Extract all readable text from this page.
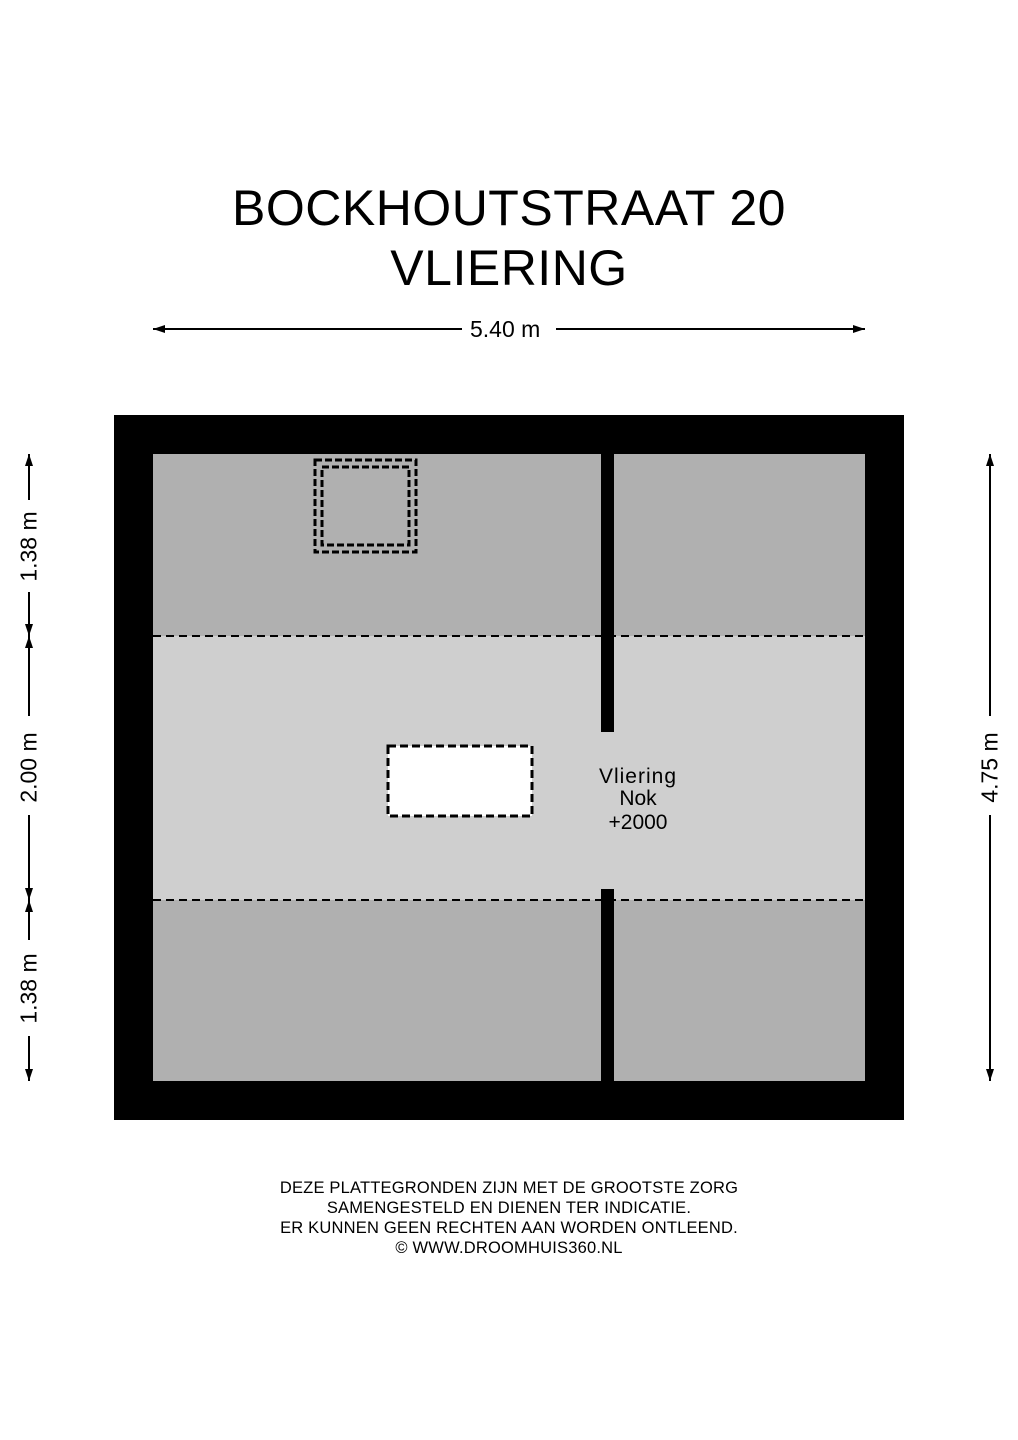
BOCKHOUTSTRAAT 20
VLIERING
5.40 m
1.38 m
2.00 m
1.38 m
4.75 m
Vliering
Nok
+2000
DEZE PLATTEGRONDEN ZIJN MET DE GROOTSTE ZORG
SAMENGESTELD EN DIENEN TER INDICATIE.
ER KUNNEN GEEN RECHTEN AAN WORDEN ONTLEEND.
© WWW.DROOMHUIS360.NL
